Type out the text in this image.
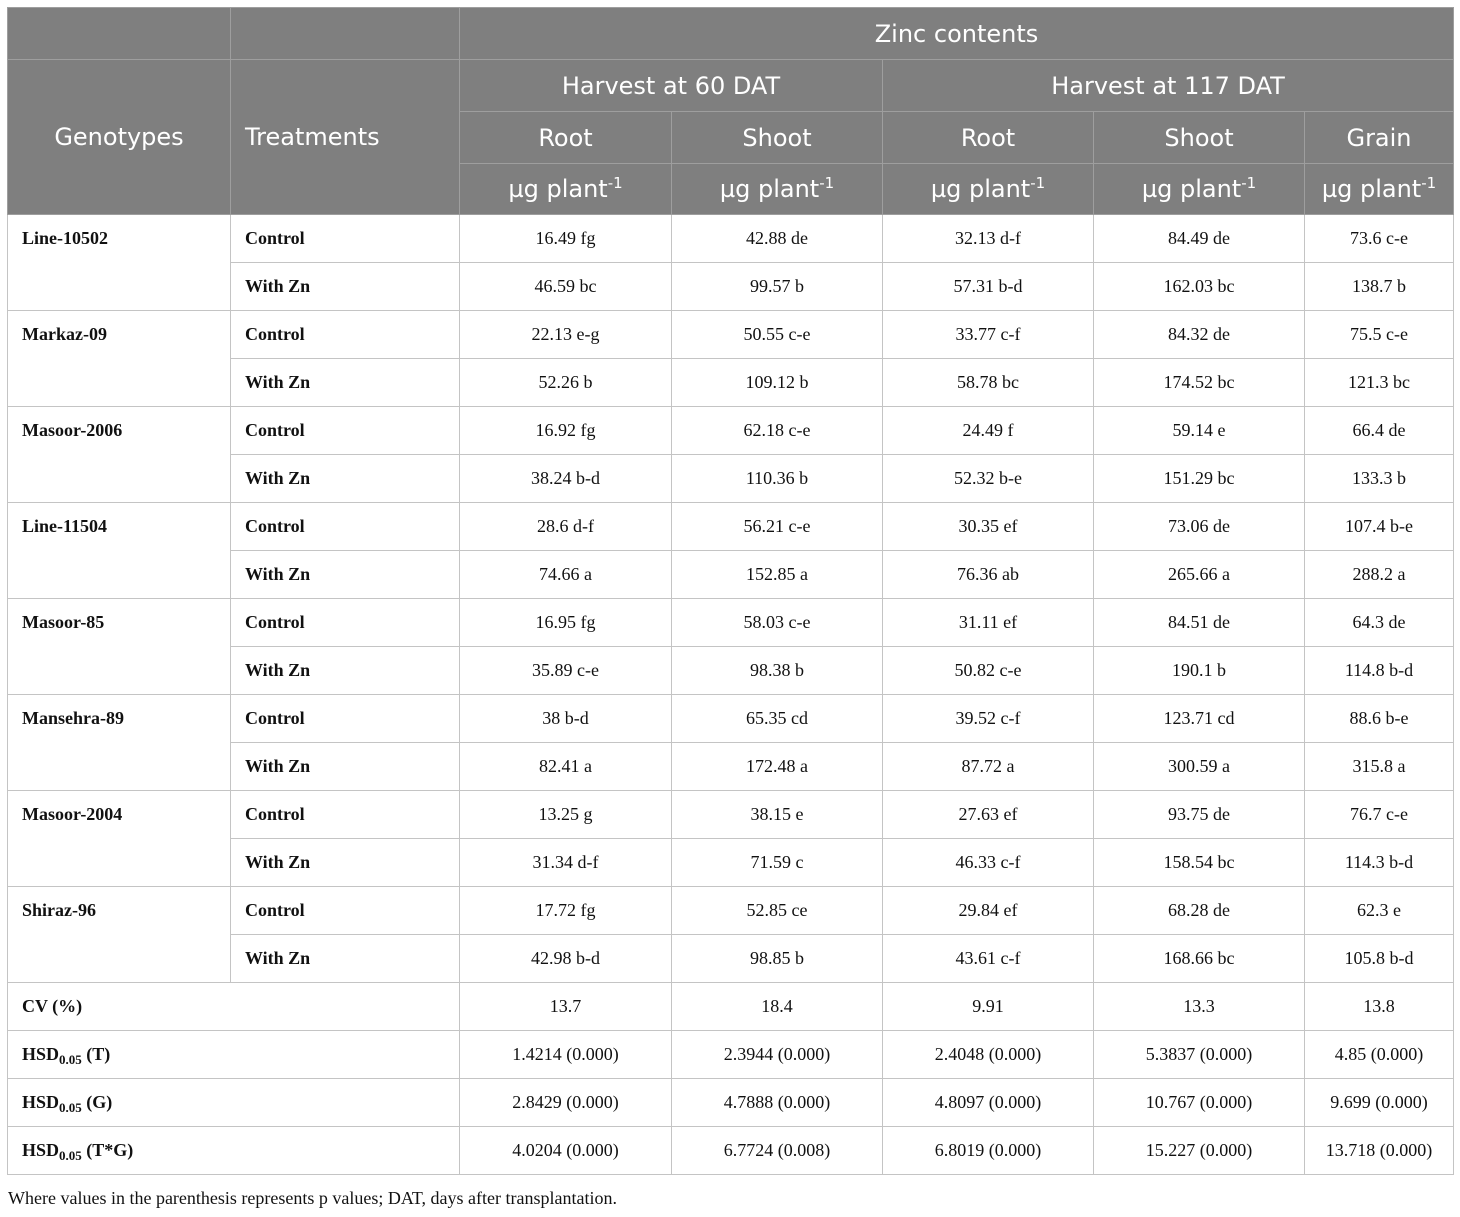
		Zinc contents				
Genotypes	Treatments	Harvest at 60 DAT		Harvest at 117 DAT		
		Root	Shoot	Root	Shoot	Grain
		µg plant$^{-1}$	µg plant$^{-1}$	µg plant$^{-1}$	µg plant$^{-1}$	µg plant$^{-1}$
Line-10502	Control	16.49 fg	42.88 de	32.13 d-f	84.49 de	73.6 c-e
	With Zn	46.59 bc	99.57 b	57.31 b-d	162.03 bc	138.7 b
Markaz-09	Control	22.13 e-g	50.55 c-e	33.77 c-f	84.32 de	75.5 c-e
	With Zn	52.26 b	109.12 b	58.78 bc	174.52 bc	121.3 bc
Masoor-2006	Control	16.92 fg	62.18 c-e	24.49 f	59.14 e	66.4 de
	With Zn	38.24 b-d	110.36 b	52.32 b-e	151.29 bc	133.3 b
Line-11504	Control	28.6 d-f	56.21 c-e	30.35 ef	73.06 de	107.4 b-e
	With Zn	74.66 a	152.85 a	76.36 ab	265.66 a	288.2 a
Masoor-85	Control	16.95 fg	58.03 c-e	31.11 ef	84.51 de	64.3 de
	With Zn	35.89 c-e	98.38 b	50.82 c-e	190.1 b	114.8 b-d
Mansehra-89	Control	38 b-d	65.35 cd	39.52 c-f	123.71 cd	88.6 b-e
	With Zn	82.41 a	172.48 a	87.72 a	300.59 a	315.8 a
Masoor-2004	Control	13.25 g	38.15 e	27.63 ef	93.75 de	76.7 c-e
	With Zn	31.34 d-f	71.59 c	46.33 c-f	158.54 bc	114.3 b-d
Shiraz-96	Control	17.72 fg	52.85 ce	29.84 ef	68.28 de	62.3 e
	With Zn	42.98 b-d	98.85 b	43.61 c-f	168.66 bc	105.8 b-d
CV (%)		13.7	18.4	9.91	13.3	13.8
$HSD_{0.05}$ (T)		1.4214 (0.000)	2.3944 (0.000)	2.4048 (0.000)	5.3837 (0.000)	4.85 (0.000)
$HSD_{0.05}$ (G)		2.8429 (0.000)	4.7888 (0.000)	4.8097 (0.000)	10.767 (0.000)	9.699 (0.000)
$HSD_{0.05}$ (T*G)		4.0204 (0.000)	6.7724 (0.008)	6.8019 (0.000)	15.227 (0.000)	13.718 (0.000)
Where values in the parenthesis represents p values; DAT, days after transplantation.
